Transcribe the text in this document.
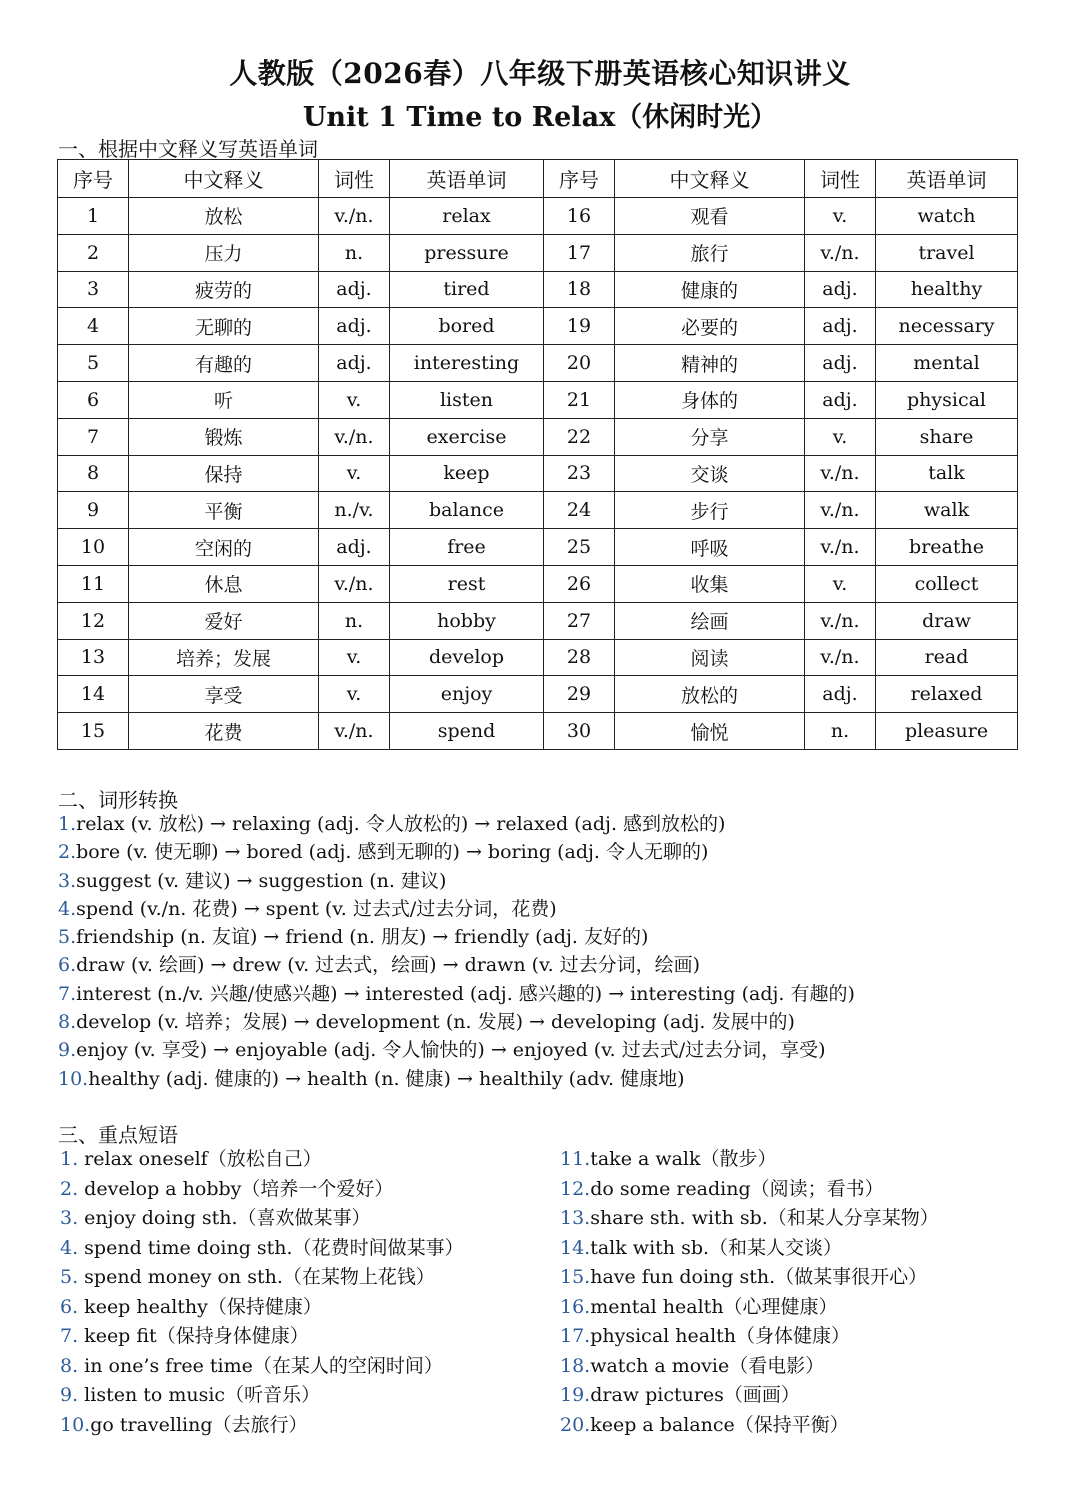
人教版（2026春）八年级下册英语核心知识讲义
Unit 1 Time to Relax（休闲时光）
一、根据中文释义写英语单词
序号	中文释义	词性	英语单词	序号	中文释义	词性	英语单词
1	放松	v./n.	relax	16	观看	v.	watch
2	压力	n.	pressure	17	旅行	v./n.	travel
3	疲劳的	adj.	tired	18	健康的	adj.	healthy
4	无聊的	adj.	bored	19	必要的	adj.	necessary
5	有趣的	adj.	interesting	20	精神的	adj.	mental
6	听	v.	listen	21	身体的	adj.	physical
7	锻炼	v./n.	exercise	22	分享	v.	share
8	保持	v.	keep	23	交谈	v./n.	talk
9	平衡	n./v.	balance	24	步行	v./n.	walk
10	空闲的	adj.	free	25	呼吸	v./n.	breathe
11	休息	v./n.	rest	26	收集	v.	collect
12	爱好	n.	hobby	27	绘画	v./n.	draw
13	培养；发展	v.	develop	28	阅读	v./n.	read
14	享受	v.	enjoy	29	放松的	adj.	relaxed
15	花费	v./n.	spend	30	愉悦	n.	pleasure
二、词形转换
1.relax (v. 放松) → relaxing (adj. 令人放松的) → relaxed (adj. 感到放松的)
2.bore (v. 使无聊) → bored (adj. 感到无聊的) → boring (adj. 令人无聊的)
3.suggest (v. 建议) → suggestion (n. 建议)
4.spend (v./n. 花费) → spent (v. 过去式/过去分词，花费)
5.friendship (n. 友谊) → friend (n. 朋友) → friendly (adj. 友好的)
6.draw (v. 绘画) → drew (v. 过去式，绘画) → drawn (v. 过去分词，绘画)
7.interest (n./v. 兴趣/使感兴趣) → interested (adj. 感兴趣的) → interesting (adj. 有趣的)
8.develop (v. 培养；发展) → development (n. 发展) → developing (adj. 发展中的)
9.enjoy (v. 享受) → enjoyable (adj. 令人愉快的) → enjoyed (v. 过去式/过去分词，享受)
10.healthy (adj. 健康的) → health (n. 健康) → healthily (adv. 健康地)
三、重点短语
1. relax oneself（放松自己）
2. develop a hobby（培养一个爱好）
3. enjoy doing sth.（喜欢做某事）
4. spend time doing sth.（花费时间做某事）
5. spend money on sth.（在某物上花钱）
6. keep healthy（保持健康）
7. keep fit（保持身体健康）
8. in one’s free time（在某人的空闲时间）
9. listen to music（听音乐）
10.go travelling（去旅行）
11.take a walk（散步）
12.do some reading（阅读；看书）
13.share sth. with sb.（和某人分享某物）
14.talk with sb.（和某人交谈）
15.have fun doing sth.（做某事很开心）
16.mental health（心理健康）
17.physical health（身体健康）
18.watch a movie（看电影）
19.draw pictures（画画）
20.keep a balance（保持平衡）
